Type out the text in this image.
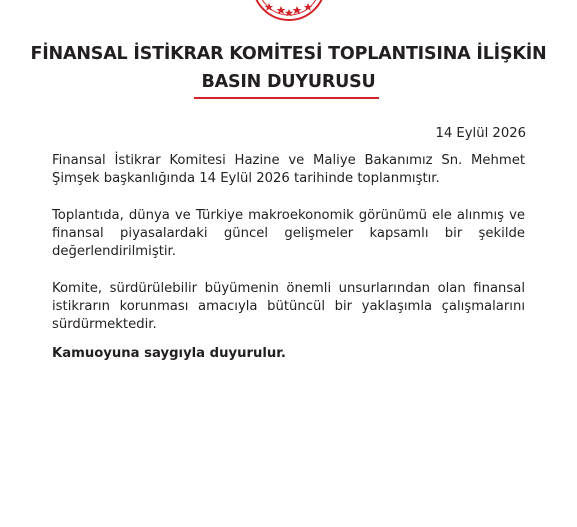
FİNANSAL İSTİKRAR KOMİTESİ TOPLANTISINA İLİŞKİN
BASIN DUYURUSU
14 Eylül 2026

Finansal İstikrar Komitesi Hazine ve Maliye Bakanımız Sn. Mehmet Şimşek başkanlığında 14 Eylül 2026 tarihinde toplanmıştır.

Toplantıda, dünya ve Türkiye makroekonomik görünümü ele alınmış ve finansal piyasalardaki güncel gelişmeler kapsamlı bir şekilde değerlendirilmiştir.

Komite, sürdürülebilir büyümenin önemli unsurlarından olan finansal istikrarın korunması amacıyla bütüncül bir yaklaşımla çalışmalarını sürdürmektedir.

Kamuoyuna saygıyla duyurulur.
